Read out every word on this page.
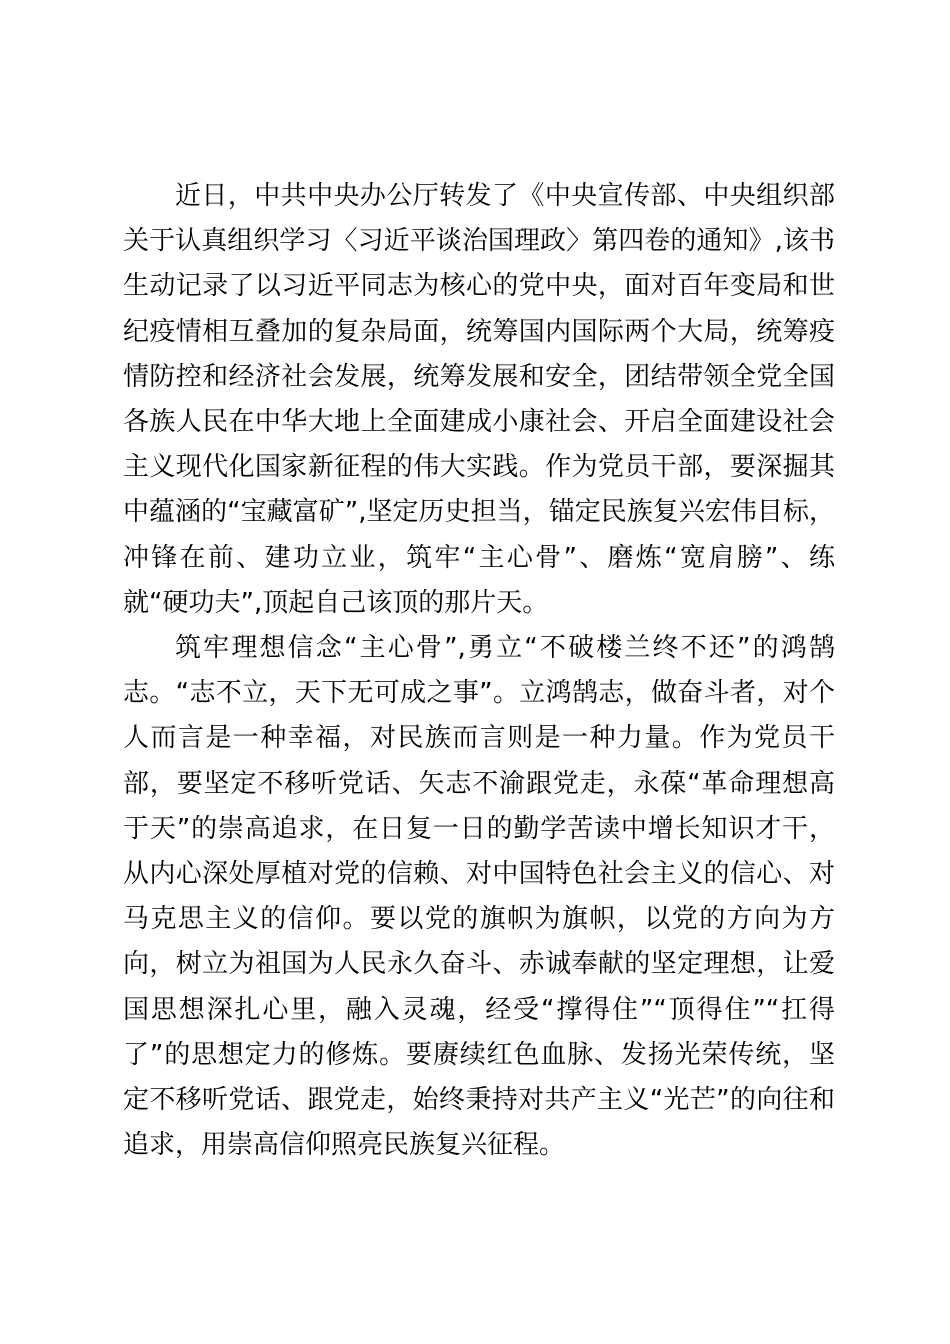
近日，中共中央办公厅转发了《中央宣传部、中央组织部关于认真组织学习〈习近平谈治国理政〉第四卷的通知》,该书生动记录了以习近平同志为核心的党中央，面对百年变局和世纪疫情相互叠加的复杂局面，统筹国内国际两个大局，统筹疫情防控和经济社会发展，统筹发展和安全，团结带领全党全国各族人民在中华大地上全面建成小康社会、开启全面建设社会主义现代化国家新征程的伟大实践。作为党员干部，要深掘其中蕴涵的“宝藏富矿”,坚定历史担当，锚定民族复兴宏伟目标，冲锋在前、建功立业，筑牢“主心骨”、磨炼“宽肩膀”、练就“硬功夫”,顶起自己该顶的那片天。

筑牢理想信念“主心骨”,勇立“不破楼兰终不还”的鸿鹄志。“志不立，天下无可成之事”。立鸿鹄志，做奋斗者，对个人而言是一种幸福，对民族而言则是一种力量。作为党员干部，要坚定不移听党话、矢志不渝跟党走，永葆“革命理想高于天”的崇高追求，在日复一日的勤学苦读中增长知识才干，从内心深处厚植对党的信赖、对中国特色社会主义的信心、对马克思主义的信仰。要以党的旗帜为旗帜，以党的方向为方向，树立为祖国为人民永久奋斗、赤诚奉献的坚定理想，让爱国思想深扎心里，融入灵魂，经受“撑得住”“顶得住”“扛得了”的思想定力的修炼。要赓续红色血脉、发扬光荣传统，坚定不移听党话、跟党走，始终秉持对共产主义“光芒”的向往和追求，用崇高信仰照亮民族复兴征程。
